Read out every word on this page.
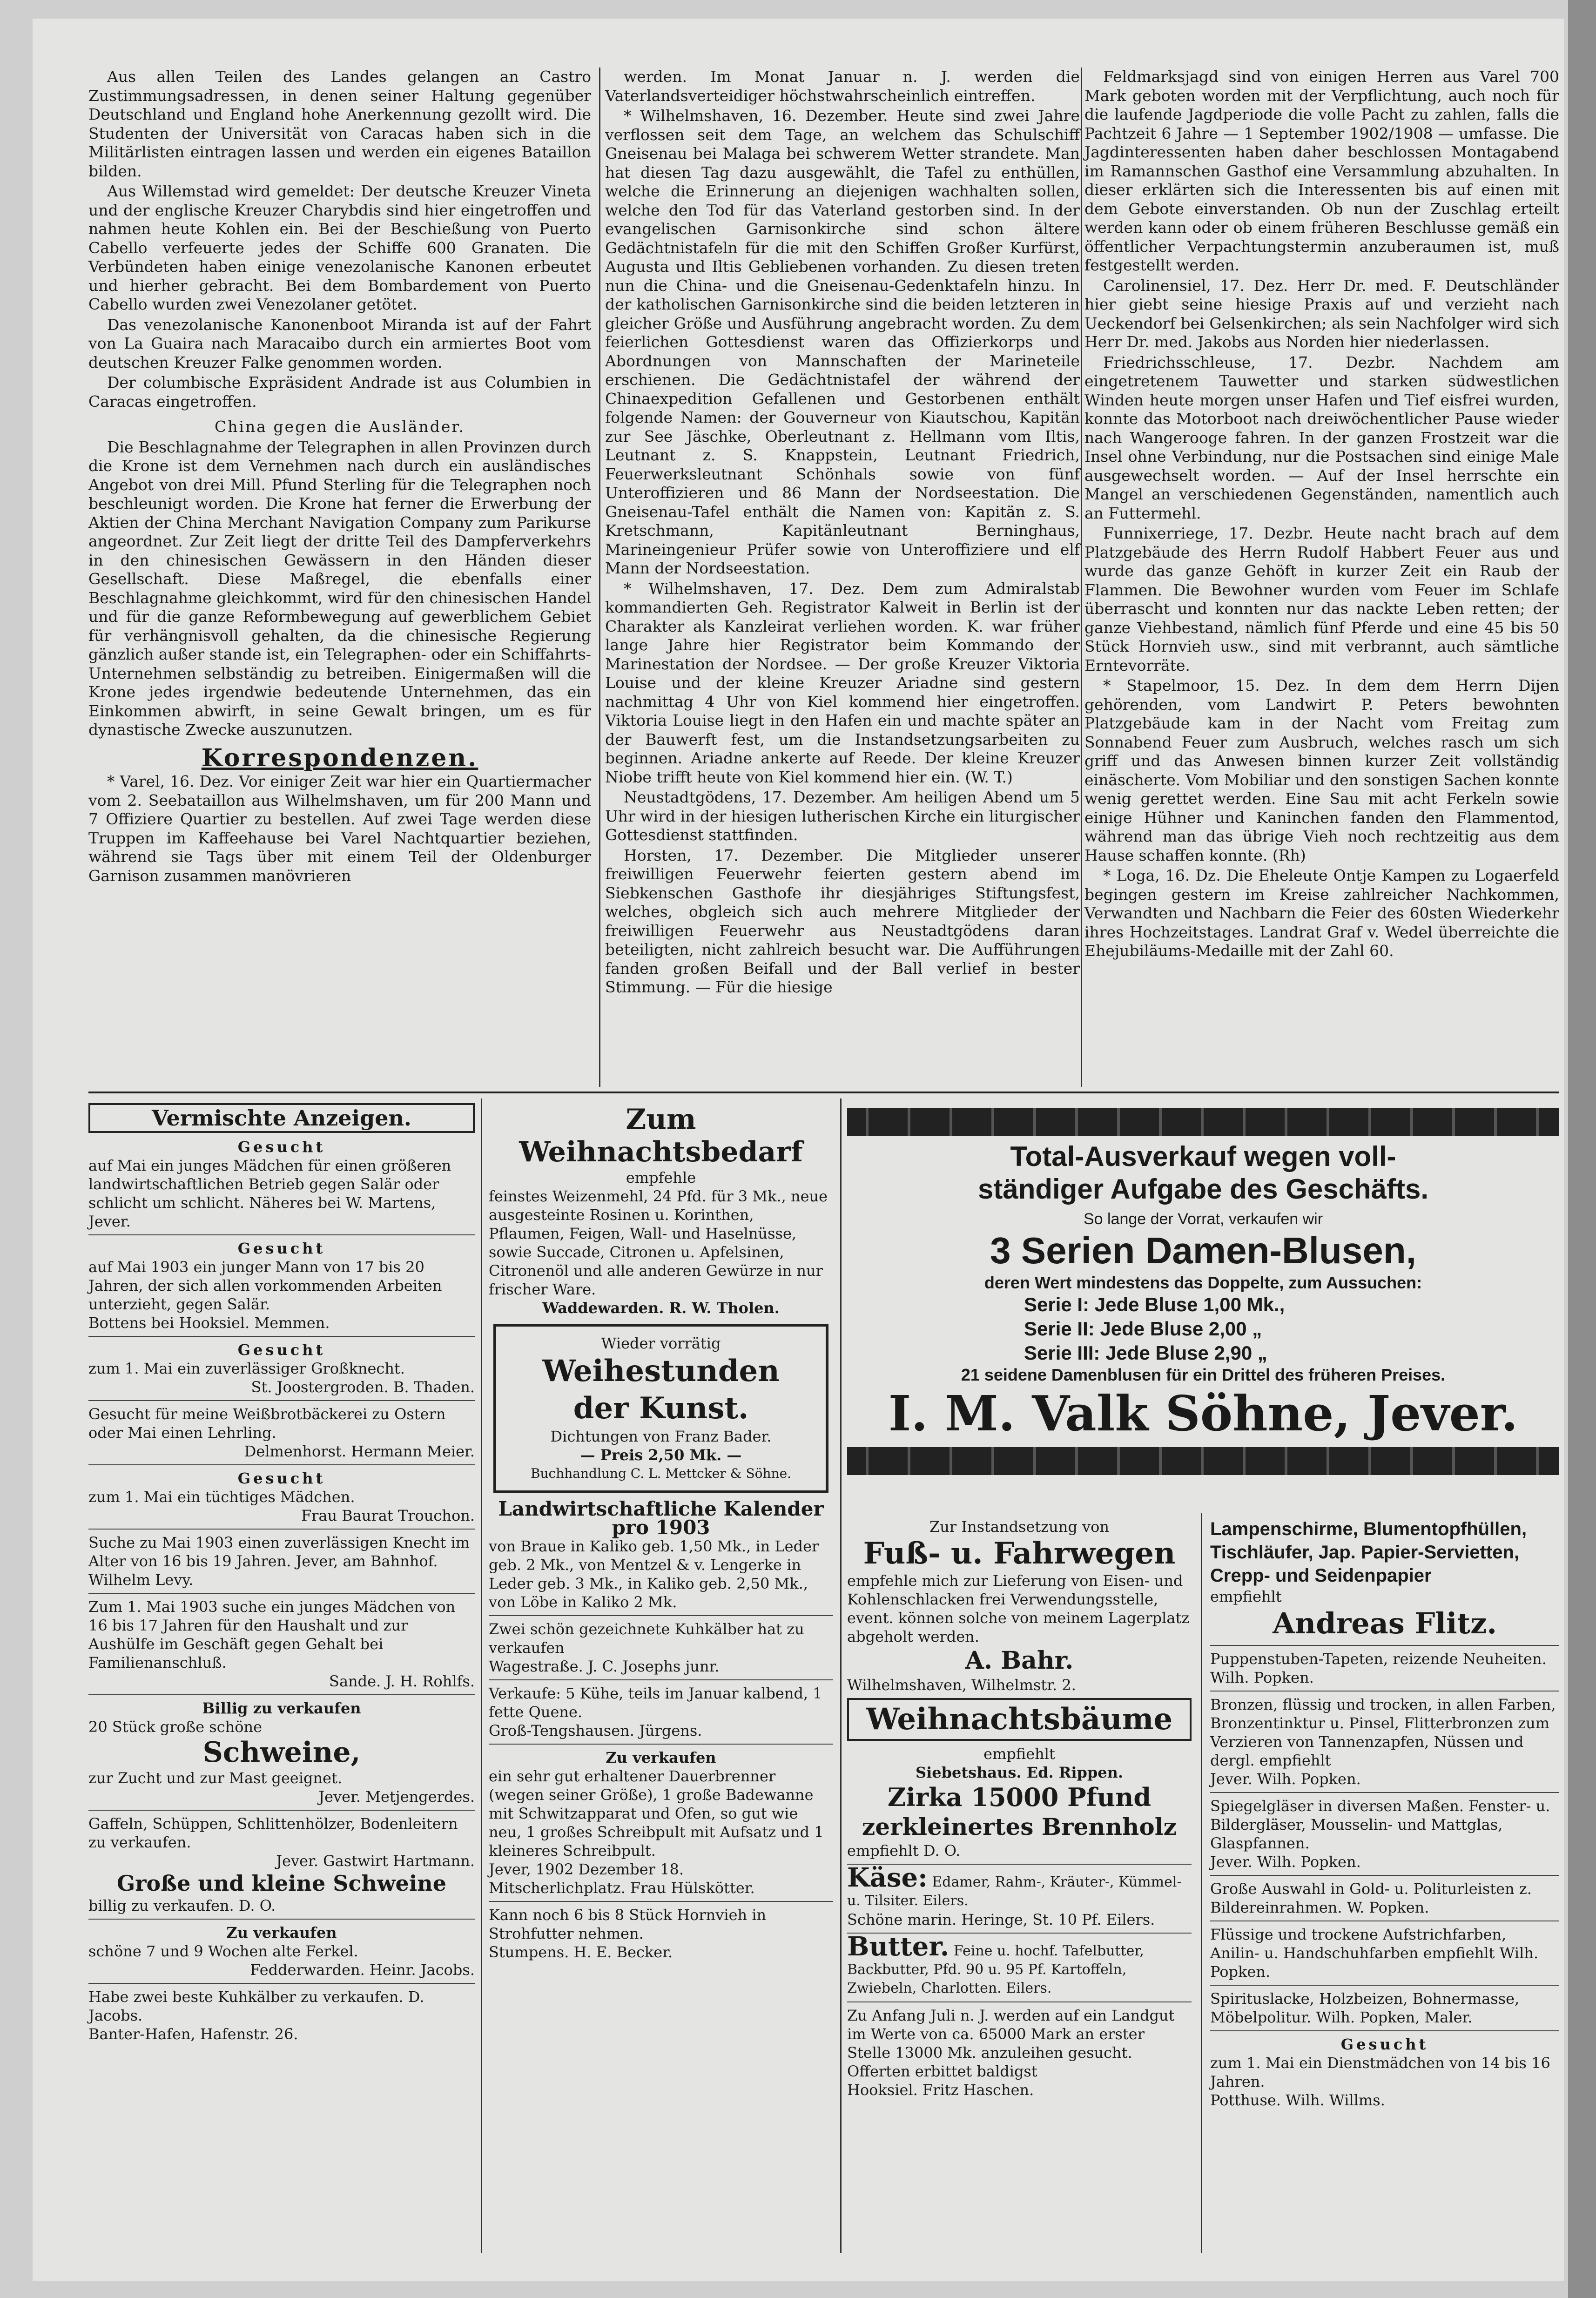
Aus allen Teilen des Landes gelangen an Castro Zustimmungsadressen, in denen seiner Haltung gegenüber Deutschland und England hohe Anerkennung gezollt wird. Die Studenten der Universität von Caracas haben sich in die Militärlisten eintragen lassen und werden ein eigenes Bataillon bilden.

Aus Willemstad wird gemeldet: Der deutsche Kreuzer Vineta und der englische Kreuzer Charybdis sind hier eingetroffen und nahmen heute Kohlen ein. Bei der Beschießung von Puerto Cabello verfeuerte jedes der Schiffe 600 Granaten. Die Verbündeten haben einige venezolanische Kanonen erbeutet und hierher gebracht. Bei dem Bombardement von Puerto Cabello wurden zwei Venezolaner getötet.

Das venezolanische Kanonenboot Miranda ist auf der Fahrt von La Guaira nach Maracaibo durch ein armiertes Boot vom deutschen Kreuzer Falke genommen worden.

Der columbische Expräsident Andrade ist aus Columbien in Caracas eingetroffen.

China gegen die Ausländer.

Die Beschlagnahme der Telegraphen in allen Provinzen durch die Krone ist dem Vernehmen nach durch ein ausländisches Angebot von drei Mill. Pfund Sterling für die Telegraphen noch beschleunigt worden. Die Krone hat ferner die Erwerbung der Aktien der China Merchant Navigation Company zum Parikurse angeordnet. Zur Zeit liegt der dritte Teil des Dampferverkehrs in den chinesischen Gewässern in den Händen dieser Gesellschaft. Diese Maßregel, die ebenfalls einer Beschlagnahme gleichkommt, wird für den chinesischen Handel und für die ganze Reformbewegung auf gewerblichem Gebiet für verhängnisvoll gehalten, da die chinesische Regierung gänzlich außer stande ist, ein Telegraphen- oder ein Schiffahrts-Unternehmen selbständig zu betreiben. Einigermaßen will die Krone jedes irgendwie bedeutende Unternehmen, das ein Einkommen abwirft, in seine Gewalt bringen, um es für dynastische Zwecke auszunutzen.

Korrespondenzen.

* Varel, 16. Dez. Vor einiger Zeit war hier ein Quartiermacher vom 2. Seebataillon aus Wilhelmshaven, um für 200 Mann und 7 Offiziere Quartier zu bestellen. Auf zwei Tage werden diese Truppen im Kaffeehause bei Varel Nachtquartier beziehen, während sie Tags über mit einem Teil der Oldenburger Garnison zusammen manövrieren

werden. Im Monat Januar n. J. werden die Vaterlandsverteidiger höchstwahrscheinlich eintreffen.

* Wilhelmshaven, 16. Dezember. Heute sind zwei Jahre verflossen seit dem Tage, an welchem das Schulschiff Gneisenau bei Malaga bei schwerem Wetter strandete. Man hat diesen Tag dazu ausgewählt, die Tafel zu enthüllen, welche die Erinnerung an diejenigen wachhalten sollen, welche den Tod für das Vaterland gestorben sind. In der evangelischen Garnisonkirche sind schon ältere Gedächtnistafeln für die mit den Schiffen Großer Kurfürst, Augusta und Iltis Gebliebenen vorhanden. Zu diesen treten nun die China- und die Gneisenau-Gedenktafeln hinzu. In der katholischen Garnisonkirche sind die beiden letzteren in gleicher Größe und Ausführung angebracht worden. Zu dem feierlichen Gottesdienst waren das Offizierkorps und Abordnungen von Mannschaften der Marineteile erschienen. Die Gedächtnistafel der während der Chinaexpedition Gefallenen und Gestorbenen enthält folgende Namen: der Gouverneur von Kiautschou, Kapitän zur See Jäschke, Oberleutnant z. Hellmann vom Iltis, Leutnant z. S. Knappstein, Leutnant Friedrich, Feuerwerksleutnant Schönhals sowie von fünf Unteroffizieren und 86 Mann der Nordseestation. Die Gneisenau-Tafel enthält die Namen von: Kapitän z. S. Kretschmann, Kapitänleutnant Berninghaus, Marineingenieur Prüfer sowie von Unteroffiziere und elf Mann der Nordseestation.

* Wilhelmshaven, 17. Dez. Dem zum Admiralstab kommandierten Geh. Registrator Kalweit in Berlin ist der Charakter als Kanzleirat verliehen worden. K. war früher lange Jahre hier Registrator beim Kommando der Marinestation der Nordsee. — Der große Kreuzer Viktoria Louise und der kleine Kreuzer Ariadne sind gestern nachmittag 4 Uhr von Kiel kommend hier eingetroffen. Viktoria Louise liegt in den Hafen ein und machte später an der Bauwerft fest, um die Instandsetzungsarbeiten zu beginnen. Ariadne ankerte auf Reede. Der kleine Kreuzer Niobe trifft heute von Kiel kommend hier ein. (W. T.)

Neustadtgödens, 17. Dezember. Am heiligen Abend um 5 Uhr wird in der hiesigen lutherischen Kirche ein liturgischer Gottesdienst stattfinden.

Horsten, 17. Dezember. Die Mitglieder unserer freiwilligen Feuerwehr feierten gestern abend im Siebkenschen Gasthofe ihr diesjähriges Stiftungsfest, welches, obgleich sich auch mehrere Mitglieder der freiwilligen Feuerwehr aus Neustadtgödens daran beteiligten, nicht zahlreich besucht war. Die Aufführungen fanden großen Beifall und der Ball verlief in bester Stimmung. — Für die hiesige

Feldmarksjagd sind von einigen Herren aus Varel 700 Mark geboten worden mit der Verpflichtung, auch noch für die laufende Jagdperiode die volle Pacht zu zahlen, falls die Pachtzeit 6 Jahre — 1 September 1902/1908 — umfasse. Die Jagdinteressenten haben daher beschlossen Montagabend im Ramannschen Gasthof eine Versammlung abzuhalten. In dieser erklärten sich die Interessenten bis auf einen mit dem Gebote einverstanden. Ob nun der Zuschlag erteilt werden kann oder ob einem früheren Beschlusse gemäß ein öffentlicher Verpachtungstermin anzuberaumen ist, muß festgestellt werden.

Carolinensiel, 17. Dez. Herr Dr. med. F. Deutschländer hier giebt seine hiesige Praxis auf und verzieht nach Ueckendorf bei Gelsenkirchen; als sein Nachfolger wird sich Herr Dr. med. Jakobs aus Norden hier niederlassen.

Friedrichsschleuse, 17. Dezbr. Nachdem am eingetretenem Tauwetter und starken südwestlichen Winden heute morgen unser Hafen und Tief eisfrei wurden, konnte das Motorboot nach dreiwöchentlicher Pause wieder nach Wangerooge fahren. In der ganzen Frostzeit war die Insel ohne Verbindung, nur die Postsachen sind einige Male ausgewechselt worden. — Auf der Insel herrschte ein Mangel an verschiedenen Gegenständen, namentlich auch an Futtermehl.

Funnixerriege, 17. Dezbr. Heute nacht brach auf dem Platzgebäude des Herrn Rudolf Habbert Feuer aus und wurde das ganze Gehöft in kurzer Zeit ein Raub der Flammen. Die Bewohner wurden vom Feuer im Schlafe überrascht und konnten nur das nackte Leben retten; der ganze Viehbestand, nämlich fünf Pferde und eine 45 bis 50 Stück Hornvieh usw., sind mit verbrannt, auch sämtliche Erntevorräte.

* Stapelmoor, 15. Dez. In dem dem Herrn Dijen gehörenden, vom Landwirt P. Peters bewohnten Platzgebäude kam in der Nacht vom Freitag zum Sonnabend Feuer zum Ausbruch, welches rasch um sich griff und das Anwesen binnen kurzer Zeit vollständig einäscherte. Vom Mobiliar und den sonstigen Sachen konnte wenig gerettet werden. Eine Sau mit acht Ferkeln sowie einige Hühner und Kaninchen fanden den Flammentod, während man das übrige Vieh noch rechtzeitig aus dem Hause schaffen konnte. (Rh)

* Loga, 16. Dz. Die Eheleute Ontje Kampen zu Logaerfeld begingen gestern im Kreise zahlreicher Nachkommen, Verwandten und Nachbarn die Feier des 60sten Wiederkehr ihres Hochzeitstages. Landrat Graf v. Wedel überreichte die Ehejubiläums-Medaille mit der Zahl 60.

Vermischte Anzeigen.
Gesucht
auf Mai ein junges Mädchen für einen größeren landwirtschaftlichen Betrieb gegen Salär oder schlicht um schlicht. Näheres bei W. Martens, Jever.
Gesucht
auf Mai 1903 ein junger Mann von 17 bis 20 Jahren, der sich allen vorkommenden Arbeiten unterzieht, gegen Salär.
Bottens bei Hooksiel. Memmen.
Gesucht
zum 1. Mai ein zuverlässiger Großknecht.
St. Joostergroden. B. Thaden.
Gesucht für meine Weißbrotbäckerei zu Ostern oder Mai einen Lehrling.
Delmenhorst. Hermann Meier.
Gesucht
zum 1. Mai ein tüchtiges Mädchen.
Frau Baurat Trouchon.
Suche zu Mai 1903 einen zuverlässigen Knecht im Alter von 16 bis 19 Jahren. Jever, am Bahnhof. Wilhelm Levy.
Zum 1. Mai 1903 suche ein junges Mädchen von 16 bis 17 Jahren für den Haushalt und zur Aushülfe im Geschäft gegen Gehalt bei Familienanschluß.
Sande. J. H. Rohlfs.
Billig zu verkaufen
20 Stück große schöne
Schweine,
zur Zucht und zur Mast geeignet.
Jever. Metjengerdes.
Gaffeln, Schüppen, Schlittenhölzer, Bodenleitern zu verkaufen.
Jever. Gastwirt Hartmann.
Große und kleine Schweine
billig zu verkaufen. D. O.
Zu verkaufen
schöne 7 und 9 Wochen alte Ferkel.
Fedderwarden. Heinr. Jacobs.
Habe zwei beste Kuhkälber zu verkaufen. D. Jacobs.
Banter-Hafen, Hafenstr. 26.
Zum Weihnachtsbedarf
empfehle
feinstes Weizenmehl, 24 Pfd. für 3 Mk., neue ausgesteinte Rosinen u. Korinthen, Pflaumen, Feigen, Wall- und Haselnüsse, sowie Succade, Citronen u. Apfelsinen, Citronenöl und alle anderen Gewürze in nur frischer Ware.
Waddewarden. R. W. Tholen.
Wieder vorrätig
Weihestunden
der Kunst.
Dichtungen von Franz Bader.
— Preis 2,50 Mk. —
Buchhandlung C. L. Mettcker & Söhne.
Landwirtschaftliche Kalender
pro 1903
von Braue in Kaliko geb. 1,50 Mk., in Leder geb. 2 Mk., von Mentzel & v. Lengerke in Leder geb. 3 Mk., in Kaliko geb. 2,50 Mk., von Löbe in Kaliko 2 Mk.
Zwei schön gezeichnete Kuhkälber hat zu verkaufen
Wagestraße. J. C. Josephs junr.
Verkaufe: 5 Kühe, teils im Januar kalbend, 1 fette Quene.
Groß-Tengshausen. Jürgens.
Zu verkaufen
ein sehr gut erhaltener Dauerbrenner (wegen seiner Größe), 1 große Badewanne mit Schwitzapparat und Ofen, so gut wie neu, 1 großes Schreibpult mit Aufsatz und 1 kleineres Schreibpult.
Jever, 1902 Dezember 18.
Mitscherlichplatz. Frau Hülskötter.
Kann noch 6 bis 8 Stück Hornvieh in Strohfutter nehmen.
Stumpens. H. E. Becker.
Total-Ausverkauf wegen voll-
ständiger Aufgabe des Geschäfts.
So lange der Vorrat, verkaufen wir
3 Serien Damen-Blusen,
deren Wert mindestens das Doppelte, zum Aussuchen:
Serie I: Jede Bluse 1,00 Mk.,
Serie II: Jede Bluse 2,00 „
Serie III: Jede Bluse 2,90 „
21 seidene Damenblusen für ein Drittel des früheren Preises.
I. M. Valk Söhne, Jever.
Zur Instandsetzung von
Fuß- u. Fahrwegen
empfehle mich zur Lieferung von Eisen- und Kohlenschlacken frei Verwendungsstelle, event. können solche von meinem Lagerplatz abgeholt werden.
A. Bahr.
Wilhelmshaven, Wilhelmstr. 2.
Weihnachtsbäume
empfiehlt
Siebetshaus. Ed. Rippen.
Zirka 15000 Pfund
zerkleinertes Brennholz
empfiehlt D. O.
Käse: Edamer, Rahm-, Kräuter-, Kümmel- u. Tilsiter. Eilers.
Schöne marin. Heringe, St. 10 Pf. Eilers.
Butter. Feine u. hochf. Tafelbutter, Backbutter, Pfd. 90 u. 95 Pf. Kartoffeln, Zwiebeln, Charlotten. Eilers.
Zu Anfang Juli n. J. werden auf ein Landgut im Werte von ca. 65000 Mark an erster Stelle 13000 Mk. anzuleihen gesucht. Offerten erbittet baldigst
Hooksiel. Fritz Haschen.
Lampenschirme, Blumentopfhüllen, Tischläufer, Jap. Papier-Servietten, Crepp- und Seidenpapier
empfiehlt
Andreas Flitz.
Puppenstuben-Tapeten, reizende Neuheiten. Wilh. Popken.
Bronzen, flüssig und trocken, in allen Farben, Bronzentinktur u. Pinsel, Flitterbronzen zum Verzieren von Tannenzapfen, Nüssen und dergl. empfiehlt
Jever. Wilh. Popken.
Spiegelgläser in diversen Maßen. Fenster- u. Bildergläser, Mousselin- und Mattglas, Glaspfannen.
Jever. Wilh. Popken.
Große Auswahl in Gold- u. Politurleisten z. Bildereinrahmen. W. Popken.
Flüssige und trockene Aufstrichfarben, Anilin- u. Handschuhfarben empfiehlt Wilh. Popken.
Spirituslacke, Holzbeizen, Bohnermasse, Möbelpolitur. Wilh. Popken, Maler.
Gesucht
zum 1. Mai ein Dienstmädchen von 14 bis 16 Jahren.
Potthuse. Wilh. Willms.
